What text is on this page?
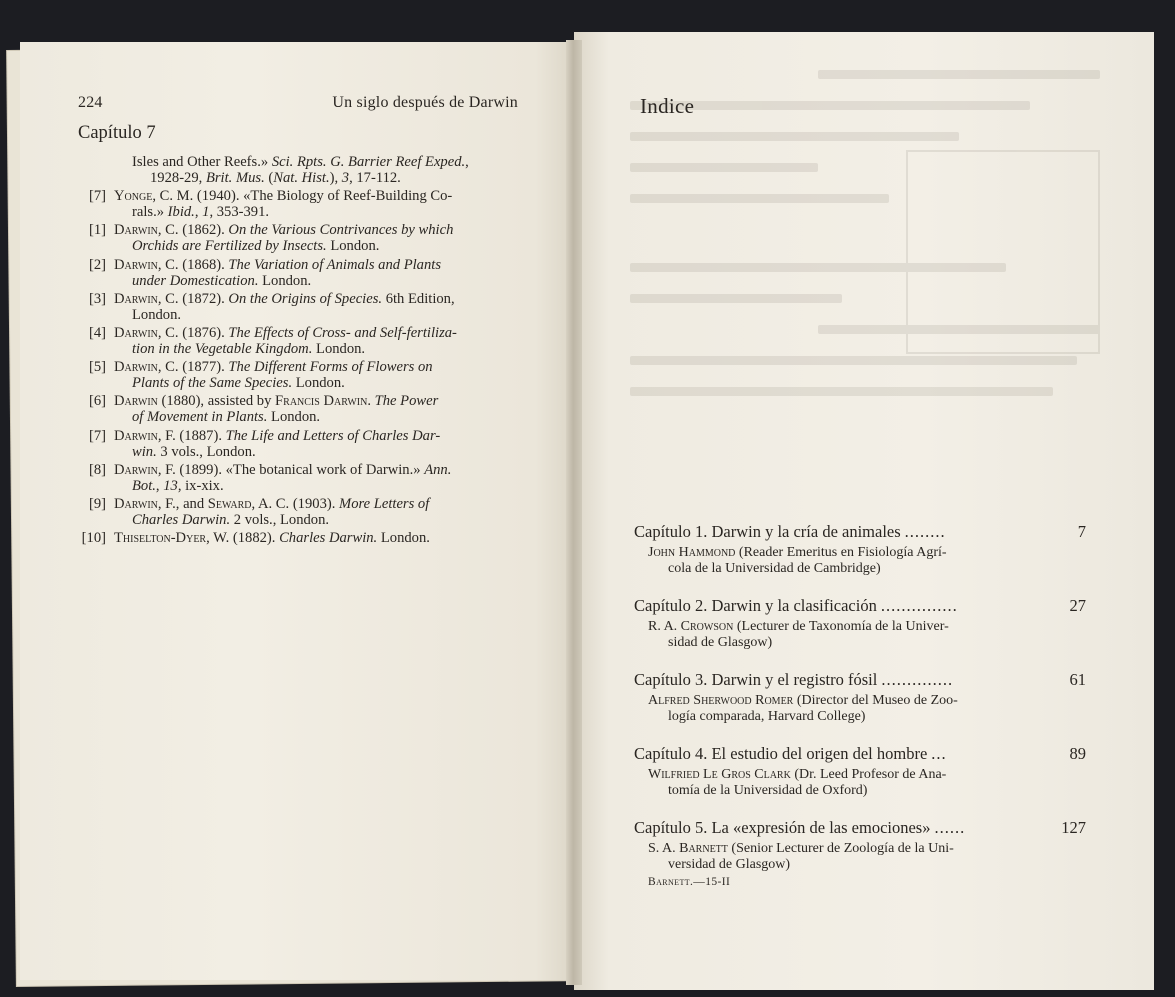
224	Un siglo después de Darwin
Capítulo 7
Isles and Other Reefs.» Sci. Rpts. G. Barrier Reef Exped.,
1928-29, Brit. Mus. (Nat. Hist.), 3, 17-112.
[7] Yonge, C. M. (1940). «The Biology of Reef-Building Co-
rals.» Ibid., 1, 353-391.
[1] Darwin, C. (1862). On the Various Contrivances by which
Orchids are Fertilized by Insects. London.
[2] Darwin, C. (1868). The Variation of Animals and Plants
under Domestication. London.
[3] Darwin, C. (1872). On the Origins of Species. 6th Edition,
London.
[4] Darwin, C. (1876). The Effects of Cross- and Self-fertiliza-
tion in the Vegetable Kingdom. London.
[5] Darwin, C. (1877). The Different Forms of Flowers on
Plants of the Same Species. London.
[6] Darwin (1880), assisted by Francis Darwin. The Power
of Movement in Plants. London.
[7] Darwin, F. (1887). The Life and Letters of Charles Dar-
win. 3 vols., London.
[8] Darwin, F. (1899). «The botanical work of Darwin.» Ann.
Bot., 13, ix-xix.
[9] Darwin, F., and Seward, A. C. (1903). More Letters of
Charles Darwin. 2 vols., London.
[10] Thiselton-Dyer, W. (1882). Charles Darwin. London.
Indice
Capítulo 1. Darwin y la cría de animales ........	7
John Hammond (Reader Emeritus en Fisiología Agrí-
cola de la Universidad de Cambridge)
Capítulo 2. Darwin y la clasificación ...............	27
R. A. Crowson (Lecturer de Taxonomía de la Univer-
sidad de Glasgow)
Capítulo 3. Darwin y el registro fósil ..............	61
Alfred Sherwood Romer (Director del Museo de Zoo-
logía comparada, Harvard College)
Capítulo 4. El estudio del origen del hombre ...	89
Wilfried Le Gros Clark (Dr. Leed Profesor de Ana-
tomía de la Universidad de Oxford)
Capítulo 5. La «expresión de las emociones» ......	127
S. A. Barnett (Senior Lecturer de Zoología de la Uni-
versidad de Glasgow)
Barnett.—15-II
